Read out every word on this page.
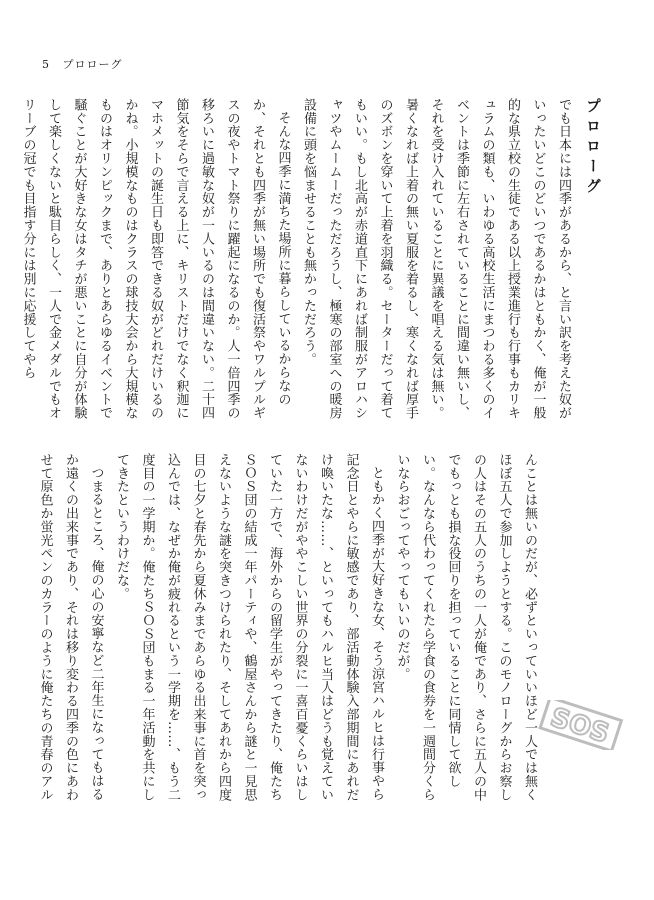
5 プロローグ
プロローグ

でも日本には四季があるから、と言い訳を考えた奴がいったいどこのどいつであるかはともかく、俺が一般的な県立校の生徒である以上授業進行も行事もカリキュラムの類も、いわゆる高校生活にまつわる多くのイベントは季節に左右されていることに間違い無いし、それを受け入れていることに異議を唱える気は無い。暑くなれば上着の無い夏服を着るし、寒くなれば厚手のズボンを穿いて上着を羽織る。セーターだって着てもいい。もし北高が赤道直下にあれば制服がアロハシャツやムームーだっただろうし、極寒の部室への暖房設備に頭を悩ませることも無かっただろう。

そんな四季に満ちた場所に暮らしているからなのか、それとも四季が無い場所でも復活祭やワルプルギスの夜やトマト祭りに躍起になるのか。人一倍四季の移ろいに過敏な奴が一人いるのは間違いない。二十四節気をそらで言える上に、キリストだけでなく釈迦にマホメットの誕生日も即答できる奴がどれだけいるのかね。小規模なものはクラスの球技大会から大規模なものはオリンピックまで、ありとあらゆるイベントで騒ぐことが大好きな女はタチが悪いことに自分が体験して楽しくないと駄目らしく、一人で金メダルでもオリーブの冠でも目指す分には別に応援してやら

んことは無いのだが、必ずといっていいほど一人では無くほぼ五人で参加しようとする。このモノローグからお察しの人はその五人のうちの一人が俺であり、さらに五人の中でもっとも損な役回りを担っていることに同情して欲しい。なんなら代わってくれたら学食の食券を一週間分くらいならおごってやってもいいのだが。

ともかく四季が大好きな女、そう涼宮ハルヒは行事やら記念日とやらに敏感であり、部活動体験入部期間にあれだけ喚いたな……、といってもハルヒ当人はどうも覚えていないわけだがややこしい世界の分裂に一喜百憂くらいはしていた一方で、海外からの留学生がやってきたり、俺たちＳＯＳ団の結成一年パーティや、鶴屋さんから謎と一見思えないような謎を突きつけられたり、そしてあれから四度目の七夕と春先から夏休みまであらゆる出来事に首を突っ込んでは、なぜか俺が疲れるという一学期を……、もう二度目の一学期か。俺たちＳＯＳ団もまる一年活動を共にしてきたというわけだな。

つまるところ、俺の心の安寧など二年生になってもはるか遠くの出来事であり、それは移り変わる四季の色にあわせて原色か蛍光ペンのカラーのように俺たちの青春のアル	SOS
